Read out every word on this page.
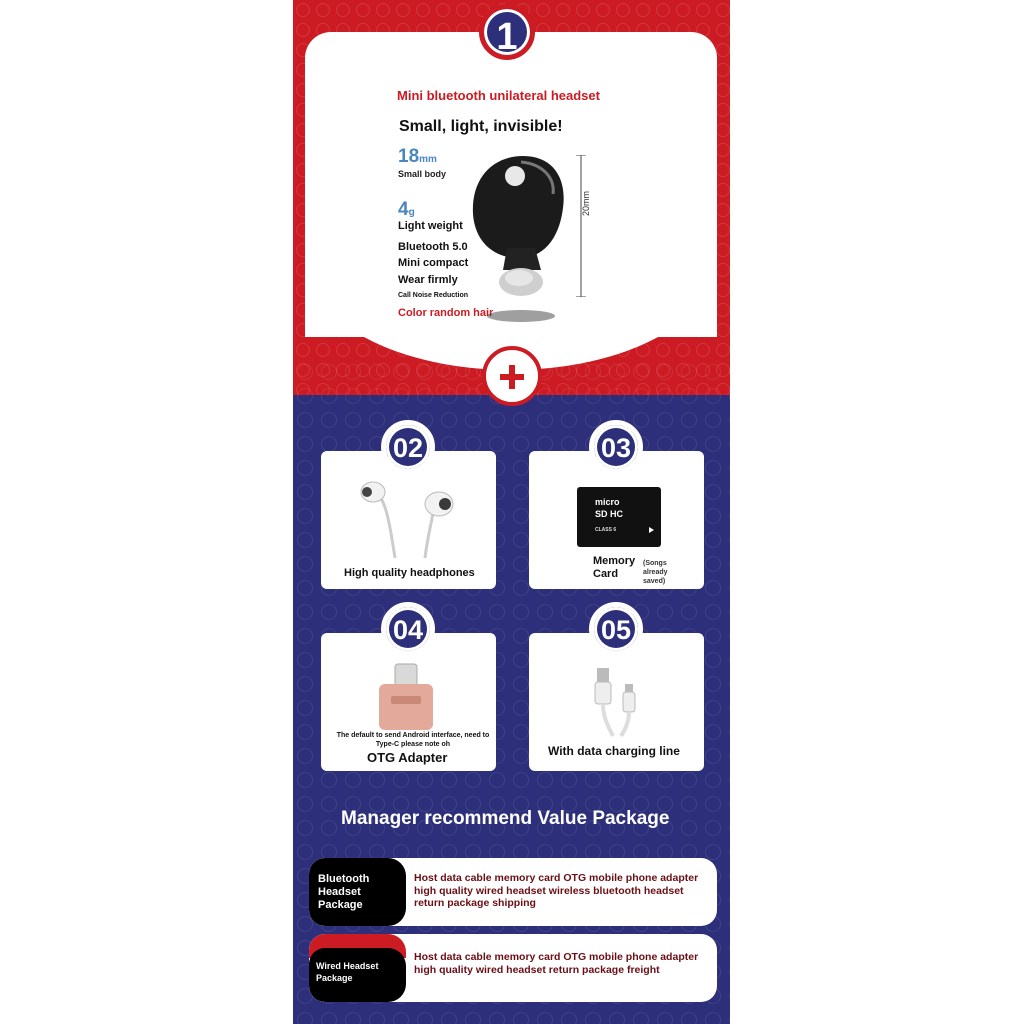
1
Mini bluetooth unilateral headset
Small, light, invisible!
18mm
Small body
4g
Light weight
Bluetooth 5.0
Mini compact
Wear firmly
Call Noise Reduction
Color random hair
20mm
02	03
04	05
High quality headphones
micro
SD HC
CLASS 6
Memory Card
(Songs already saved)
The default to send Android interface, need to Type-C please note oh
OTG Adapter	With data charging line
Manager recommend Value Package
Bluetooth Headset Package
Host data cable memory card OTG mobile phone adapter high quality wired headset wireless bluetooth headset return package shipping
Wired Headset Package
Host data cable memory card OTG mobile phone adapter high quality wired headset return package freight
